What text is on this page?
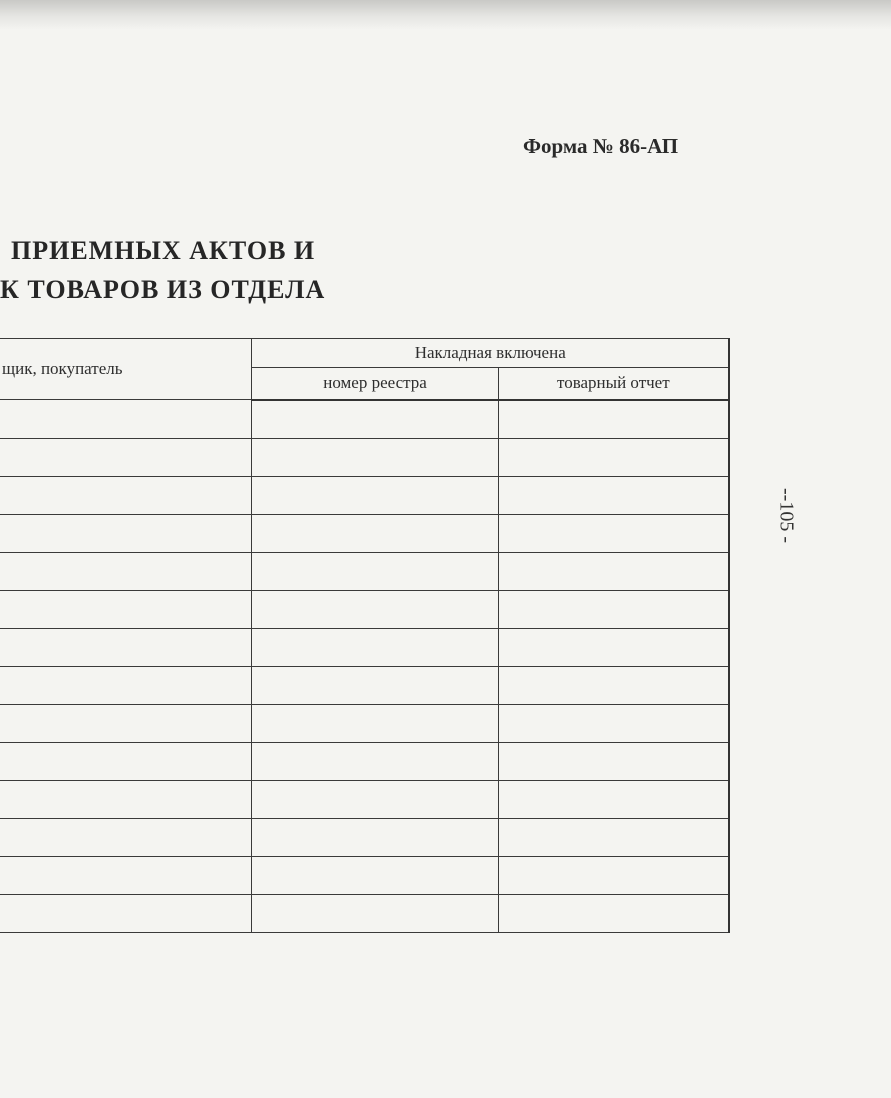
Форма № 86-АП
ПРИЕМНЫХ АКТОВ И
К ТОВАРОВ ИЗ ОТДЕЛА
--105 -
щик, покупатель	Накладная включена	
	номер реестра	товарный отчет
